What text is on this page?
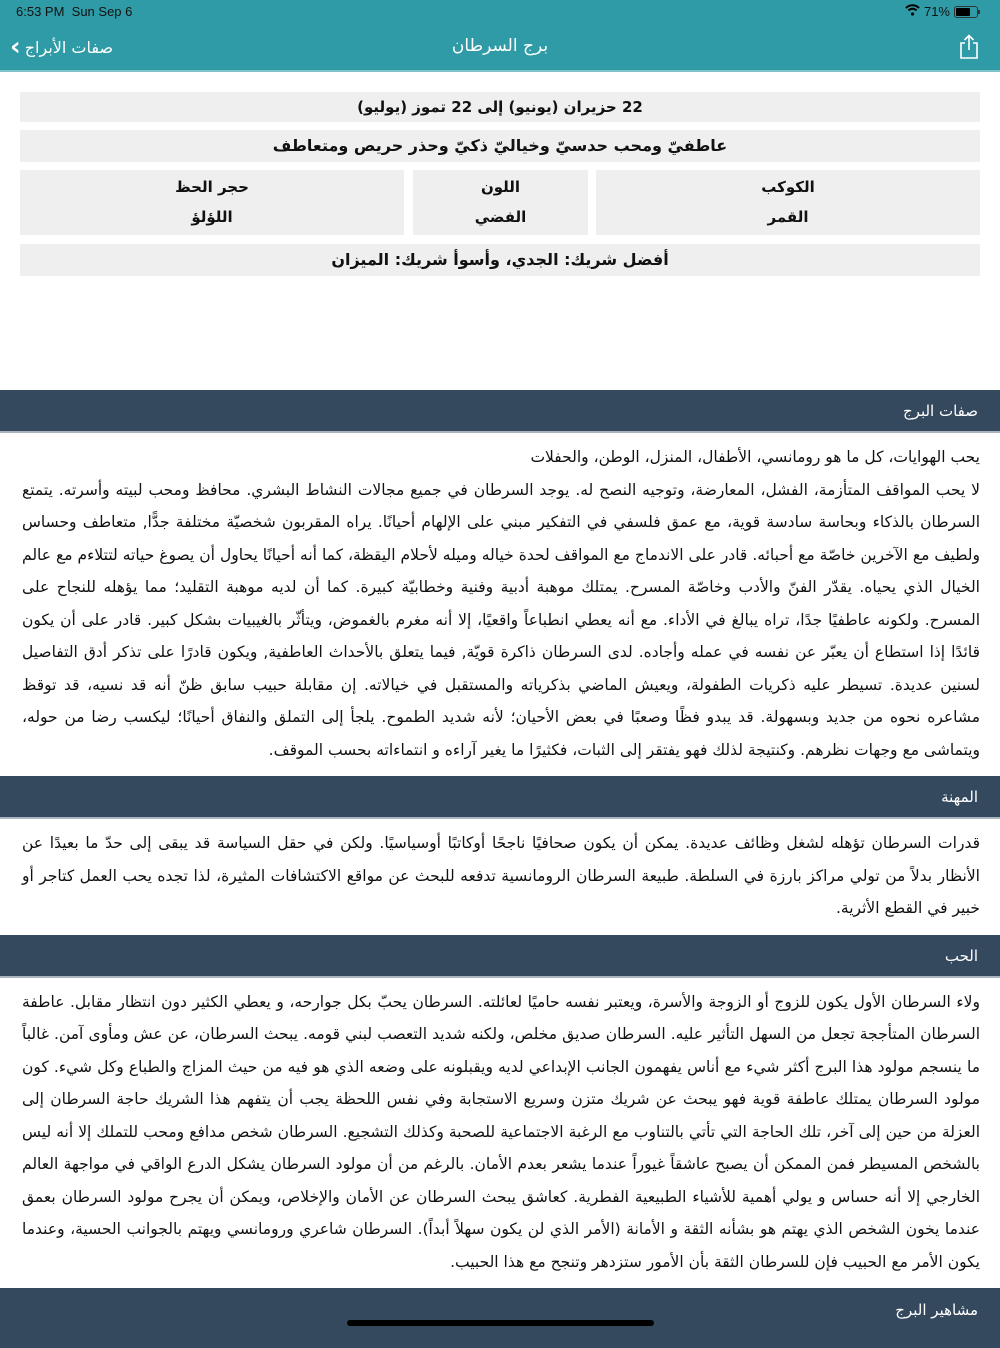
6:53 PM Sun Sep 6	71%
‹ صفات الأبراج	برج السرطان
22 حزيران (يونيو) إلى 22 تموز (يوليو)
عاطفيّ ومحب حدسيّ وخياليّ ذكيّ وحذر حريص ومتعاطف
الكوكب
القمر
اللون
الفضي
حجر الحظ
اللؤلؤ
أفضل شريك: الجدي، وأسوأ شريك: الميزان
صفات البرج

يحب الهوايات، كل ما هو رومانسي، الأطفال، المنزل، الوطن، والحفلات

لا يحب المواقف المتأزمة، الفشل، المعارضة، وتوجيه النصح له. يوجد السرطان في جميع مجالات النشاط البشري. محافظ ومحب لبيته وأسرته. يتمتع السرطان بالذكاء وبحاسة سادسة قوية، مع عمق فلسفي في التفكير مبني على الإلهام أحيانًا. يراه المقربون شخصيّة مختلفة جدًّا, متعاطف وحساس ولطيف مع الآخرين خاصّة مع أحبائه. قادر على الاندماج مع المواقف لحدة خياله وميله لأحلام اليقظة، كما أنه أحيانًا يحاول أن يصوغ حياته لتتلاءم مع عالم الخيال الذي يحياه. يقدّر الفنّ والأدب وخاصّة المسرح. يمتلك موهبة أدبية وفنية وخطابيّة كبيرة. كما أن لديه موهبة التقليد؛ مما يؤهله للنجاح على المسرح. ولكونه عاطفيًا جدًا، تراه يبالغ في الأداء. مع أنه يعطي انطباعاً واقعيًا، إلا أنه مغرم بالغموض، ويتأثّر بالغيبيات بشكل كبير. قادر على أن يكون قائدًا إذا استطاع أن يعبّر عن نفسه في عمله وأجاده. لدى السرطان ذاكرة قويّة, فيما يتعلق بالأحداث العاطفية, ويكون قادرًا على تذكر أدق التفاصيل لسنين عديدة. تسيطر عليه ذكريات الطفولة، ويعيش الماضي بذكرياته والمستقبل في خيالاته. إن مقابلة حبيب سابق ظنّ أنه قد نسيه، قد توقظ مشاعره نحوه من جديد وبسهولة. قد يبدو فظًا وصعبًا في بعض الأحيان؛ لأنه شديد الطموح. يلجأ إلى التملق والنفاق أحيانًا؛ ليكسب رضا من حوله، ويتماشى مع وجهات نظرهم. وكنتيجة لذلك فهو يفتقر إلى الثبات، فكثيرًا ما يغير آراءه و انتماءاته بحسب الموقف.

المهنة

قدرات السرطان تؤهله لشغل وظائف عديدة. يمكن أن يكون صحافيًا ناجحًا أوكاتبًا أوسياسيًا. ولكن في حقل السياسة قد يبقى إلى حدّ ما بعيدًا عن الأنظار بدلاً من تولي مراكز بارزة في السلطة. طبيعة السرطان الرومانسية تدفعه للبحث عن مواقع الاكتشافات المثيرة، لذا تجده يحب العمل كتاجر أو خبير في القطع الأثرية.

الحب

ولاء السرطان الأول يكون للزوج أو الزوجة والأسرة، ويعتبر نفسه حاميًا لعائلته. السرطان يحبّ بكل جوارحه، و يعطي الكثير دون انتظار مقابل. عاطفة السرطان المتأججة تجعل من السهل التأثير عليه. السرطان صديق مخلص، ولكنه شديد التعصب لبني قومه. يبحث السرطان، عن عش ومأوى آمن. غالباً ما ينسجم مولود هذا البرج أكثر شيء مع أناس يفهمون الجانب الإبداعي لديه ويقبلونه على وضعه الذي هو فيه من حيث المزاج والطباع وكل شيء. كون مولود السرطان يمتلك عاطفة قوية فهو يبحث عن شريك متزن وسريع الاستجابة وفي نفس اللحظة يجب أن يتفهم هذا الشريك حاجة السرطان إلى العزلة من حين إلى آخر، تلك الحاجة التي تأتي بالتناوب مع الرغبة الاجتماعية للصحبة وكذلك التشجيع. السرطان شخص مدافع ومحب للتملك إلا أنه ليس بالشخص المسيطر فمن الممكن أن يصبح عاشقاً غيوراً عندما يشعر بعدم الأمان. بالرغم من أن مولود السرطان يشكل الدرع الواقي في مواجهة العالم الخارجي إلا أنه حساس و يولي أهمية للأشياء الطبيعية الفطرية. كعاشق يبحث السرطان عن الأمان والإخلاص، ويمكن أن يجرح مولود السرطان بعمق عندما يخون الشخص الذي يهتم هو بشأنه الثقة و الأمانة (الأمر الذي لن يكون سهلاً أبداً). السرطان شاعري ورومانسي ويهتم بالجوانب الحسية، وعندما يكون الأمر مع الحبيب فإن للسرطان الثقة بأن الأمور ستزدهر وتنجح مع هذا الحبيب.

مشاهير البرج
